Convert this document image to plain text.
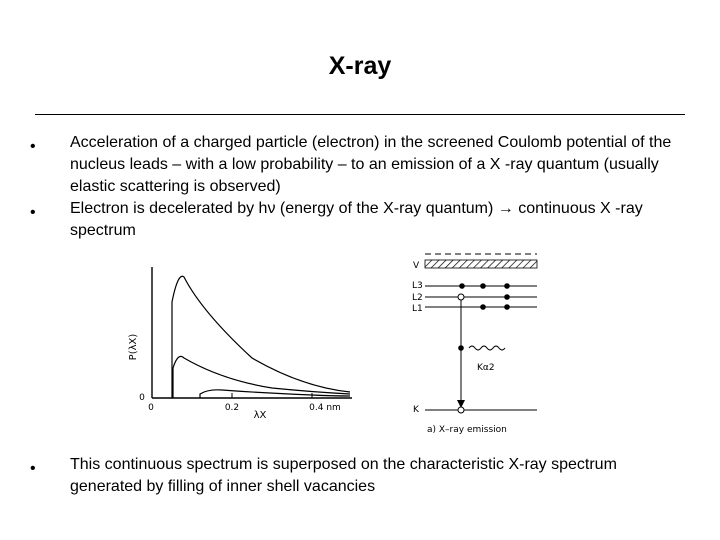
X-ray
• Acceleration of a charged particle (electron) in the screened Coulomb potential of the nucleus leads – with a low probability – to an emission of a X -ray quantum (usually elastic scattering is observed)
• Electron is decelerated by hν (energy of the X-ray quantum) → continuous X -ray spectrum
• This continuous spectrum is superposed on the characteristic X-ray spectrum generated by filling of inner shell vacancies
P(λX)
0
0	0.2	0.4 nm
λX
V
L3
L2
L1
K
Kα2
a) X–ray emission
